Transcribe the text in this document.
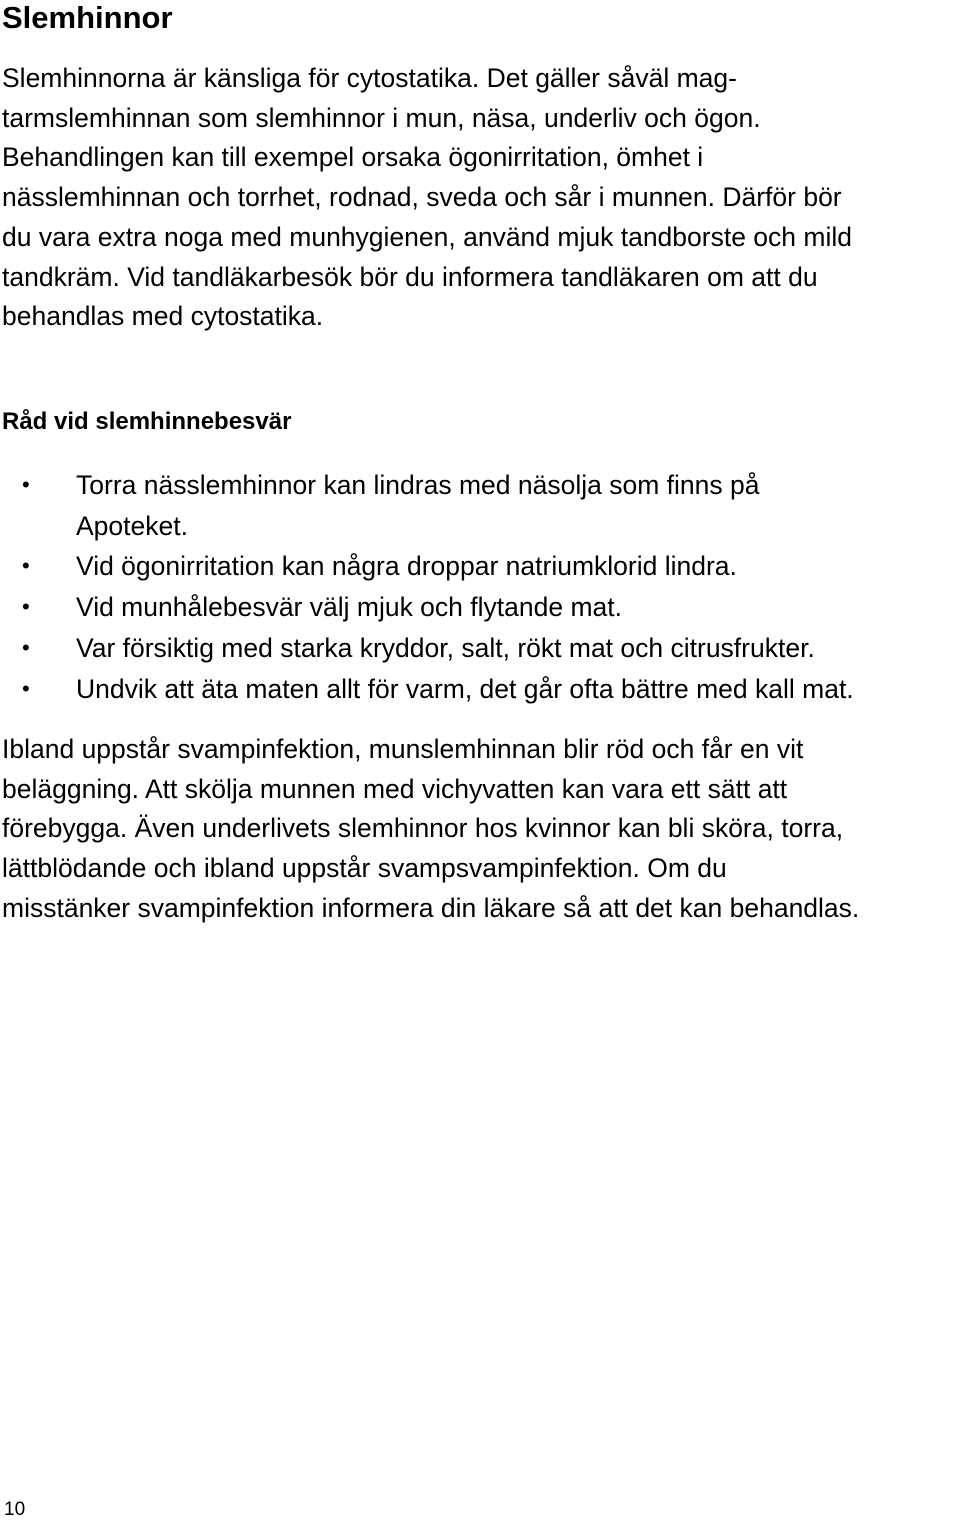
Slemhinnor

Slemhinnorna är känsliga för cytostatika. Det gäller såväl mag-
tarmslemhinnan som slemhinnor i mun, näsa, underliv och ögon.
Behandlingen kan till exempel orsaka ögonirritation, ömhet i
nässlemhinnan och torrhet, rodnad, sveda och sår i munnen. Därför bör
du vara extra noga med munhygienen, använd mjuk tandborste och mild
tandkräm. Vid tandläkarbesök bör du informera tandläkaren om att du
behandlas med cytostatika.

Råd vid slemhinnebesvär
• Torra nässlemhinnor kan lindras med näsolja som finns på
Apoteket.
• Vid ögonirritation kan några droppar natriumklorid lindra.
• Vid munhålebesvär välj mjuk och flytande mat.
• Var försiktig med starka kryddor, salt, rökt mat och citrusfrukter.
• Undvik att äta maten allt för varm, det går ofta bättre med kall mat.

Ibland uppstår svampinfektion, munslemhinnan blir röd och får en vit
beläggning. Att skölja munnen med vichyvatten kan vara ett sätt att
förebygga. Även underlivets slemhinnor hos kvinnor kan bli sköra, torra,
lättblödande och ibland uppstår svampsvampinfektion. Om du
misstänker svampinfektion informera din läkare så att det kan behandlas.

10
